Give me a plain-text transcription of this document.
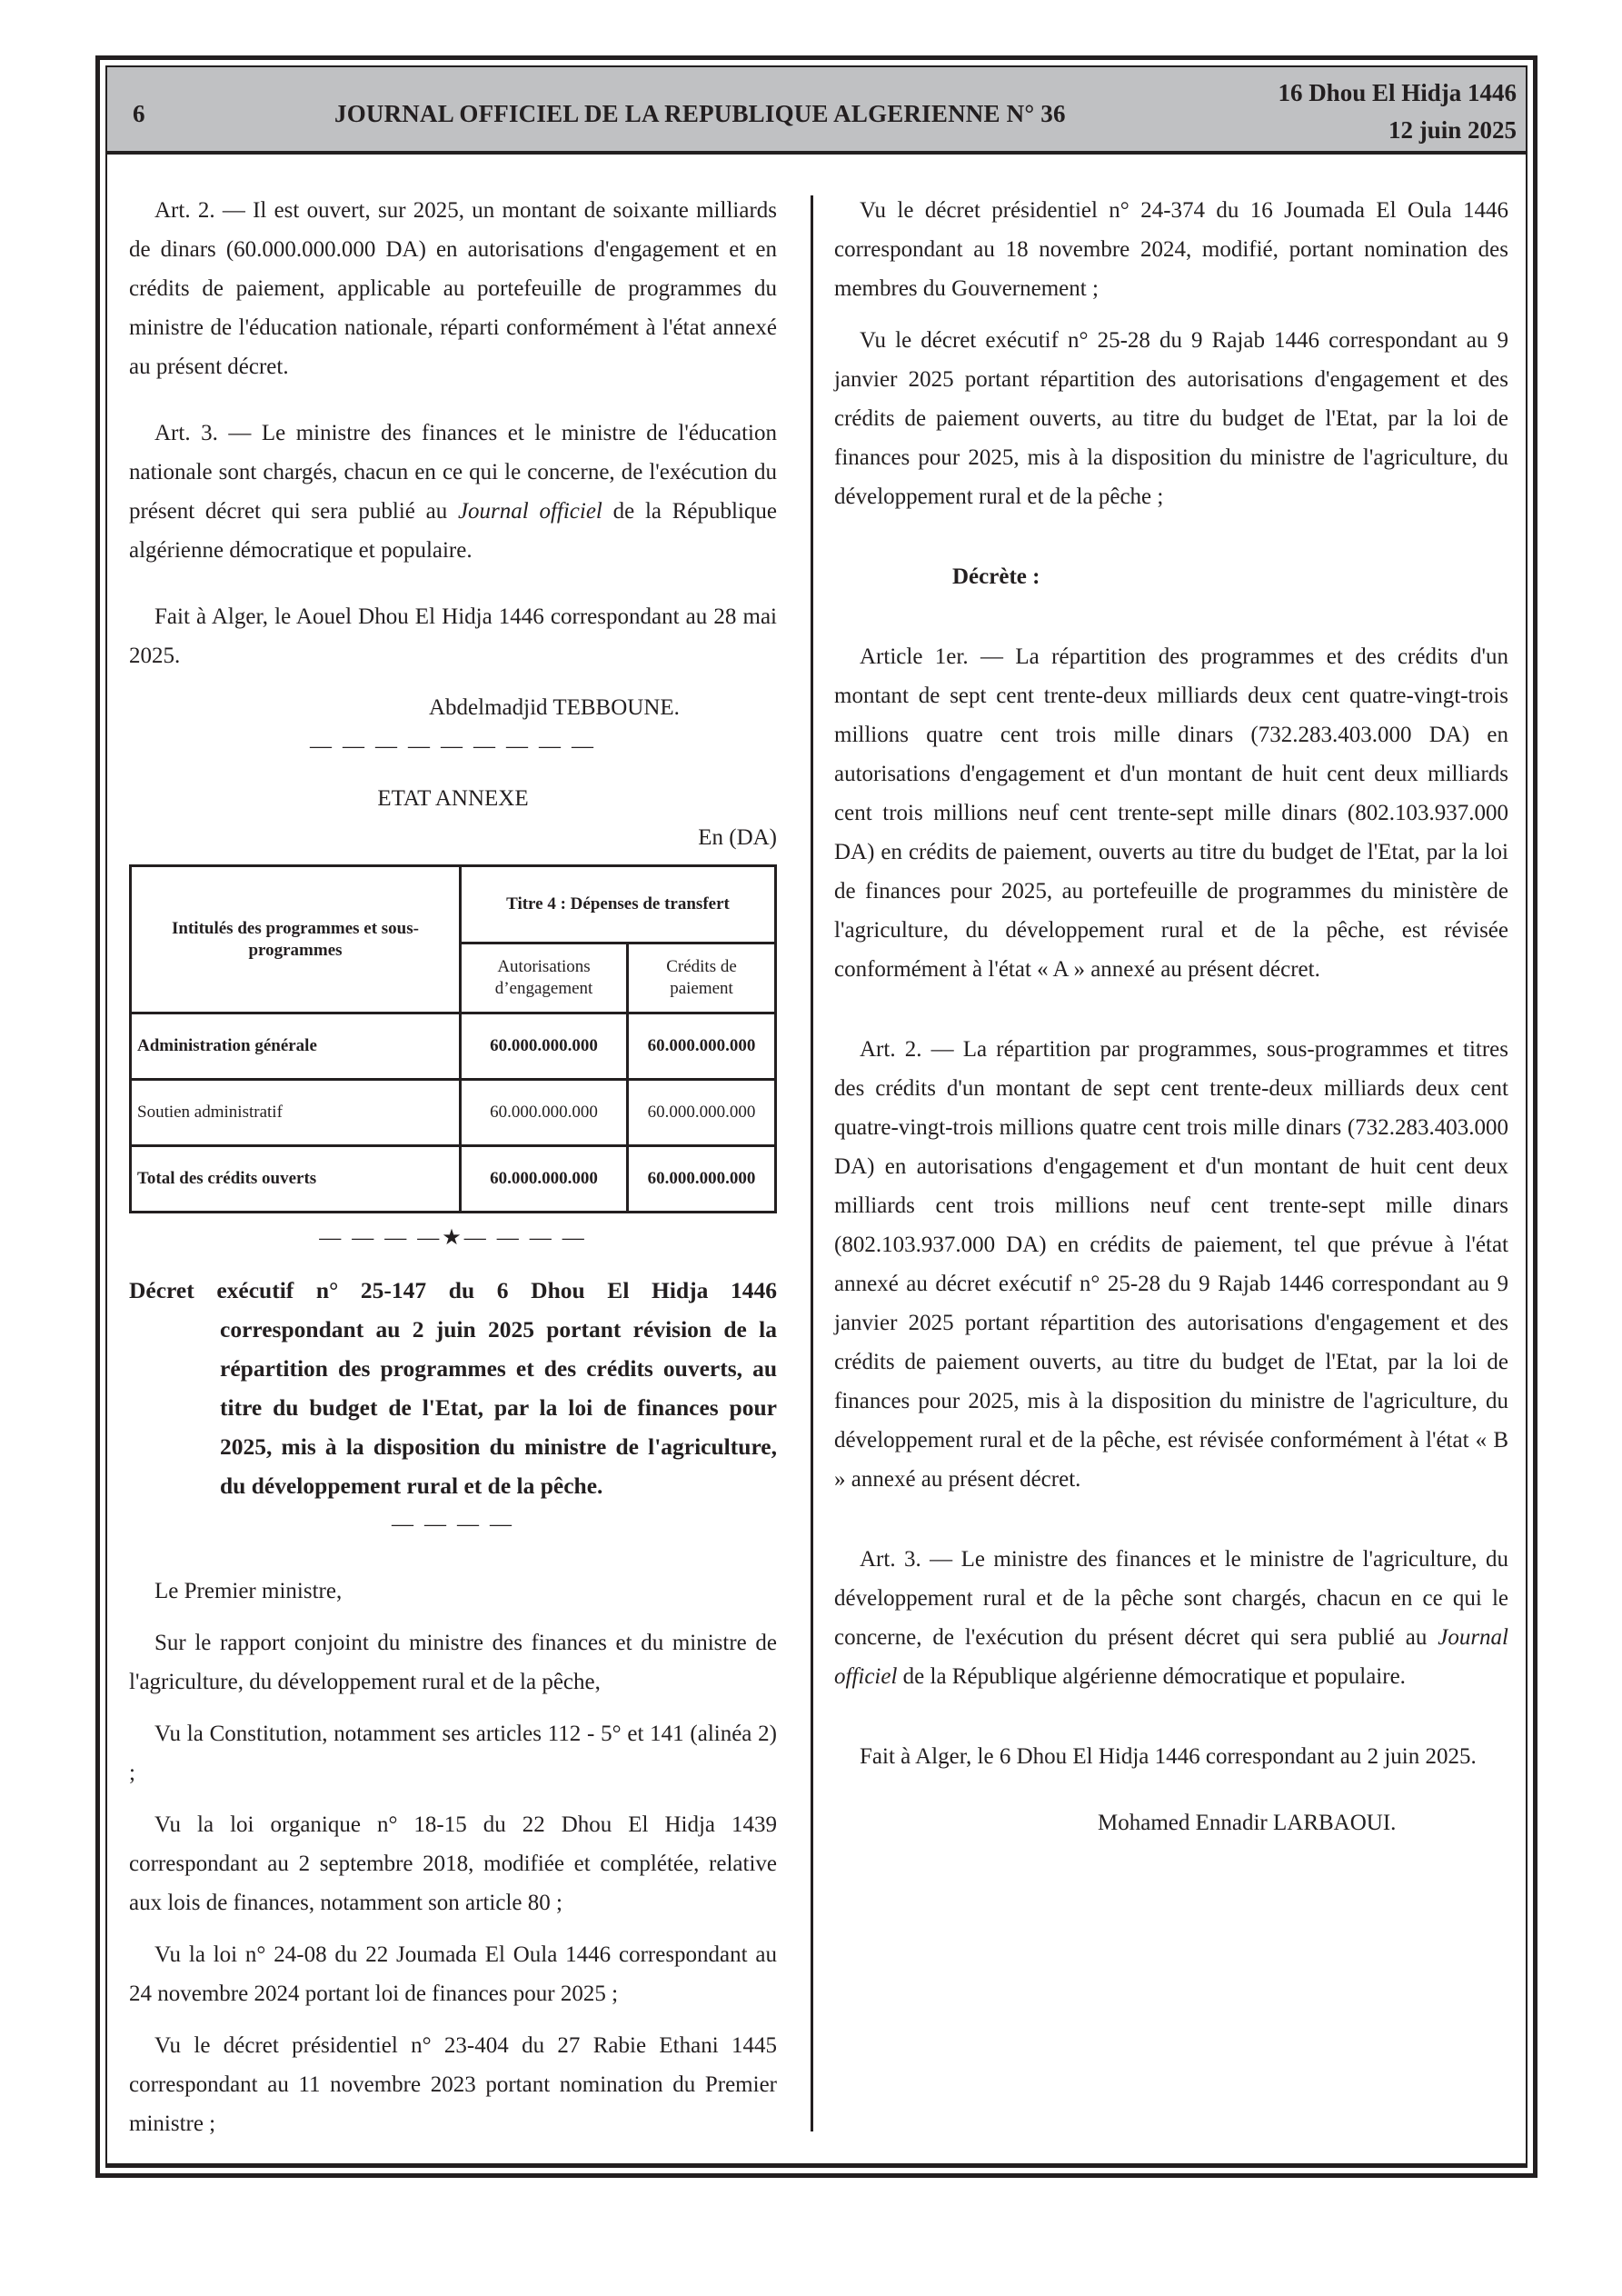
6	JOURNAL OFFICIEL DE LA REPUBLIQUE ALGERIENNE N° 36
16 Dhou El Hidja 1446
12 juin 2025

Art. 2. — Il est ouvert, sur 2025, un montant de soixante milliards de dinars (60.000.000.000 DA) en autorisations d'engagement et en crédits de paiement, applicable au portefeuille de programmes du ministre de l'éducation nationale, réparti conformément à l'état annexé au présent décret.

Art. 3. — Le ministre des finances et le ministre de l'éducation nationale sont chargés, chacun en ce qui le concerne, de l'exécution du présent décret qui sera publié au Journal officiel de la République algérienne démocratique et populaire.

Fait à Alger, le Aouel Dhou El Hidja 1446 correspondant au 28 mai 2025.

Abdelmadjid TEBBOUNE.

— — — — — — — — —

ETAT ANNEXE

En (DA)

Intitulés des programmes et sous-programmes	Titre 4 : Dépenses de transfert	
	Autorisations d’engagement	Crédits de paiement
Administration générale	60.000.000.000	60.000.000.000
Soutien administratif	60.000.000.000	60.000.000.000
Total des crédits ouverts	60.000.000.000	60.000.000.000

— — — —★— — — —

Décret exécutif n° 25-147 du 6 Dhou El Hidja 1446 correspondant au 2 juin 2025 portant révision de la répartition des programmes et des crédits ouverts, au titre du budget de l'Etat, par la loi de finances pour 2025, mis à la disposition du ministre de l'agriculture, du développement rural et de la pêche.

— — — —

Le Premier ministre,

Sur le rapport conjoint du ministre des finances et du ministre de l'agriculture, du développement rural et de la pêche,

Vu la Constitution, notamment ses articles 112 - 5° et 141 (alinéa 2) ;

Vu la loi organique n° 18-15 du 22 Dhou El Hidja 1439 correspondant au 2 septembre 2018, modifiée et complétée, relative aux lois de finances, notamment son article 80 ;

Vu la loi n° 24-08 du 22 Joumada El Oula 1446 correspondant au 24 novembre 2024 portant loi de finances pour 2025 ;

Vu le décret présidentiel n° 23-404 du 27 Rabie Ethani 1445 correspondant au 11 novembre 2023 portant nomination du Premier ministre ;

Vu le décret présidentiel n° 24-374 du 16 Joumada El Oula 1446 correspondant au 18 novembre 2024, modifié, portant nomination des membres du Gouvernement ;

Vu le décret exécutif n° 25-28 du 9 Rajab 1446 correspondant au 9 janvier 2025 portant répartition des autorisations d'engagement et des crédits de paiement ouverts, au titre du budget de l'Etat, par la loi de finances pour 2025, mis à la disposition du ministre de l'agriculture, du développement rural et de la pêche ;

Décrète :

Article 1er. — La répartition des programmes et des crédits d'un montant de sept cent trente-deux milliards deux cent quatre-vingt-trois millions quatre cent trois mille dinars (732.283.403.000 DA) en autorisations d'engagement et d'un montant de huit cent deux milliards cent trois millions neuf cent trente-sept mille dinars (802.103.937.000 DA) en crédits de paiement, ouverts au titre du budget de l'Etat, par la loi de finances pour 2025, au portefeuille de programmes du ministère de l'agriculture, du développement rural et de la pêche, est révisée conformément à l'état « A » annexé au présent décret.

Art. 2. — La répartition par programmes, sous-programmes et titres des crédits d'un montant de sept cent trente-deux milliards deux cent quatre-vingt-trois millions quatre cent trois mille dinars (732.283.403.000 DA) en autorisations d'engagement et d'un montant de huit cent deux milliards cent trois millions neuf cent trente-sept mille dinars (802.103.937.000 DA) en crédits de paiement, tel que prévue à l'état annexé au décret exécutif n° 25-28 du 9 Rajab 1446 correspondant au 9 janvier 2025 portant répartition des autorisations d'engagement et des crédits de paiement ouverts, au titre du budget de l'Etat, par la loi de finances pour 2025, mis à la disposition du ministre de l'agriculture, du développement rural et de la pêche, est révisée conformément à l'état « B » annexé au présent décret.

Art. 3. — Le ministre des finances et le ministre de l'agriculture, du développement rural et de la pêche sont chargés, chacun en ce qui le concerne, de l'exécution du présent décret qui sera publié au Journal officiel de la République algérienne démocratique et populaire.

Fait à Alger, le 6 Dhou El Hidja 1446 correspondant au 2 juin 2025.

Mohamed Ennadir LARBAOUI.
